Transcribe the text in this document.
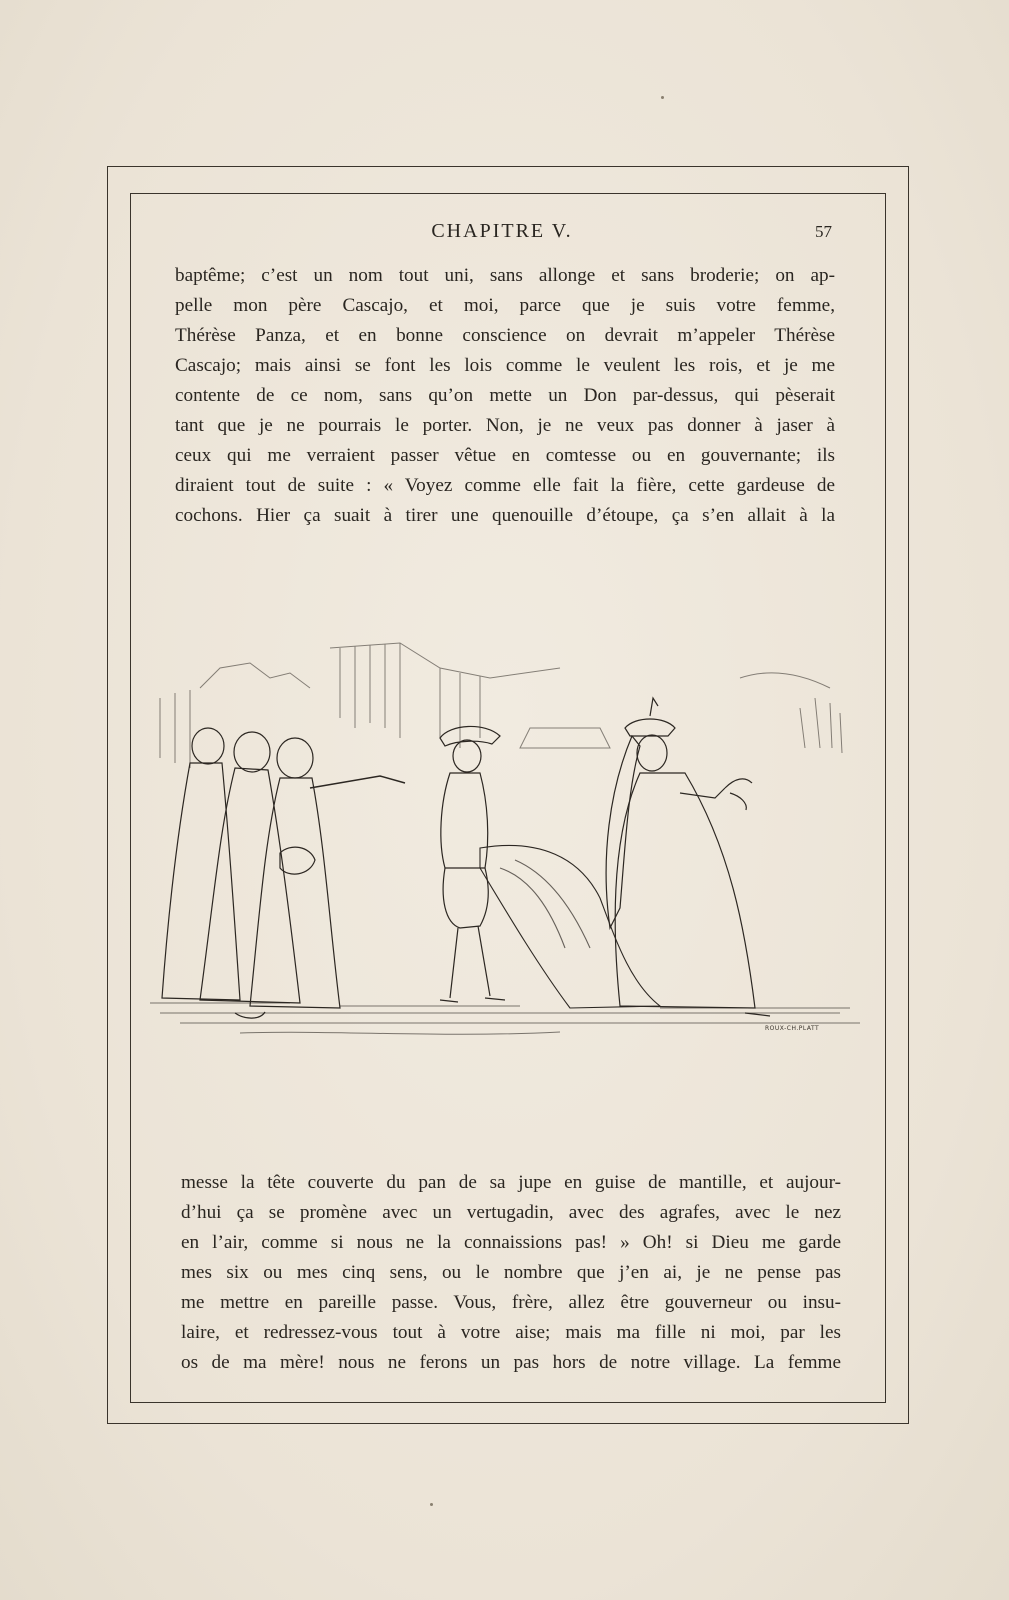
CHAPITRE V.	57
baptême; c’est un nom tout uni, sans allonge et sans broderie; on ap-
pelle mon père Cascajo, et moi, parce que je suis votre femme,
Thérèse Panza, et en bonne conscience on devrait m’appeler Thérèse
Cascajo; mais ainsi se font les lois comme le veulent les rois, et je me
contente de ce nom, sans qu’on mette un Don par-dessus, qui pèserait
tant que je ne pourrais le porter. Non, je ne veux pas donner à jaser à
ceux qui me verraient passer vêtue en comtesse ou en gouvernante; ils
diraient tout de suite : « Voyez comme elle fait la fière, cette gardeuse de
cochons. Hier ça suait à tirer une quenouille d’étoupe, ça s’en allait à la
ROUX-CH.PLATT
messe la tête couverte du pan de sa jupe en guise de mantille, et aujour-
d’hui ça se promène avec un vertugadin, avec des agrafes, avec le nez
en l’air, comme si nous ne la connaissions pas! » Oh! si Dieu me garde
mes six ou mes cinq sens, ou le nombre que j’en ai, je ne pense pas
me mettre en pareille passe. Vous, frère, allez être gouverneur ou insu-
laire, et redressez-vous tout à votre aise; mais ma fille ni moi, par les
os de ma mère! nous ne ferons un pas hors de notre village. La femme
